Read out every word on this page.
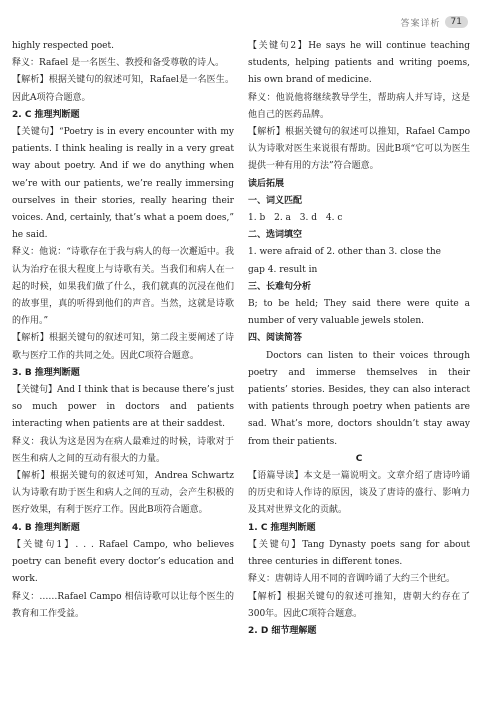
答案详析	71

highly respected poet.

释义：Rafael 是一名医生、教授和备受尊敬的诗人。

【解析】根据关键句的叙述可知，Rafael是一名医生。因此A项符合题意。

2. C 推理判断题

【关键句】“Poetry is in every encounter with my patients. I think healing is really in a very great way about poetry. And if we do anything when we’re with our patients, we’re really immersing ourselves in their stories, really hearing their voices. And, certainly, that’s what a poem does,” he said.

释义：他说：“诗歌存在于我与病人的每一次邂逅中。我认为治疗在很大程度上与诗歌有关。当我们和病人在一起的时候，如果我们做了什么，我们就真的沉浸在他们的故事里，真的听得到他们的声音。当然，这就是诗歌的作用。”

【解析】根据关键句的叙述可知，第二段主要阐述了诗歌与医疗工作的共同之处。因此C项符合题意。

3. B 推理判断题

【关键句】And I think that is because there’s just so much power in doctors and patients interacting when patients are at their saddest.

释义：我认为这是因为在病人最难过的时候，诗歌对于医生和病人之间的互动有很大的力量。

【解析】根据关键句的叙述可知，Andrea Schwartz 认为诗歌有助于医生和病人之间的互动，会产生积极的医疗效果，有利于医疗工作。因此B项符合题意。

4. B 推理判断题

【关键句1】. . . Rafael Campo, who believes poetry can benefit every doctor’s education and work.

释义：……Rafael Campo 相信诗歌可以让每个医生的教育和工作受益。

【关键句2】He says he will continue teaching students, helping patients and writing poems, his own brand of medicine.

释义：他说他将继续教导学生，帮助病人并写诗，这是他自己的医药品牌。

【解析】根据关键句的叙述可以推知，Rafael Campo认为诗歌对医生来说很有帮助。因此B项“它可以为医生提供一种有用的方法”符合题意。

读后拓展

一、词义匹配

1. b 2. a 3. d 4. c

二、选词填空

1. were afraid of 2. other than 3. close the

gap 4. result in

三、长难句分析

B; to be held; They said there were quite a number of very valuable jewels stolen.

四、阅读简答

Doctors can listen to their voices through poetry and immerse themselves in their patients’ stories. Besides, they can also interact with patients through poetry when patients are sad. What’s more, doctors shouldn’t stay away from their patients.

C

【语篇导读】本文是一篇说明文。文章介绍了唐诗吟诵的历史和诗人作诗的原因，谈及了唐诗的盛行、影响力及其对世界文化的贡献。

1. C 推理判断题

【关键句】Tang Dynasty poets sang for about three centuries in different tones.

释义：唐朝诗人用不同的音调吟诵了大约三个世纪。

【解析】根据关键句的叙述可推知，唐朝大约存在了300年。因此C项符合题意。

2. D 细节理解题
